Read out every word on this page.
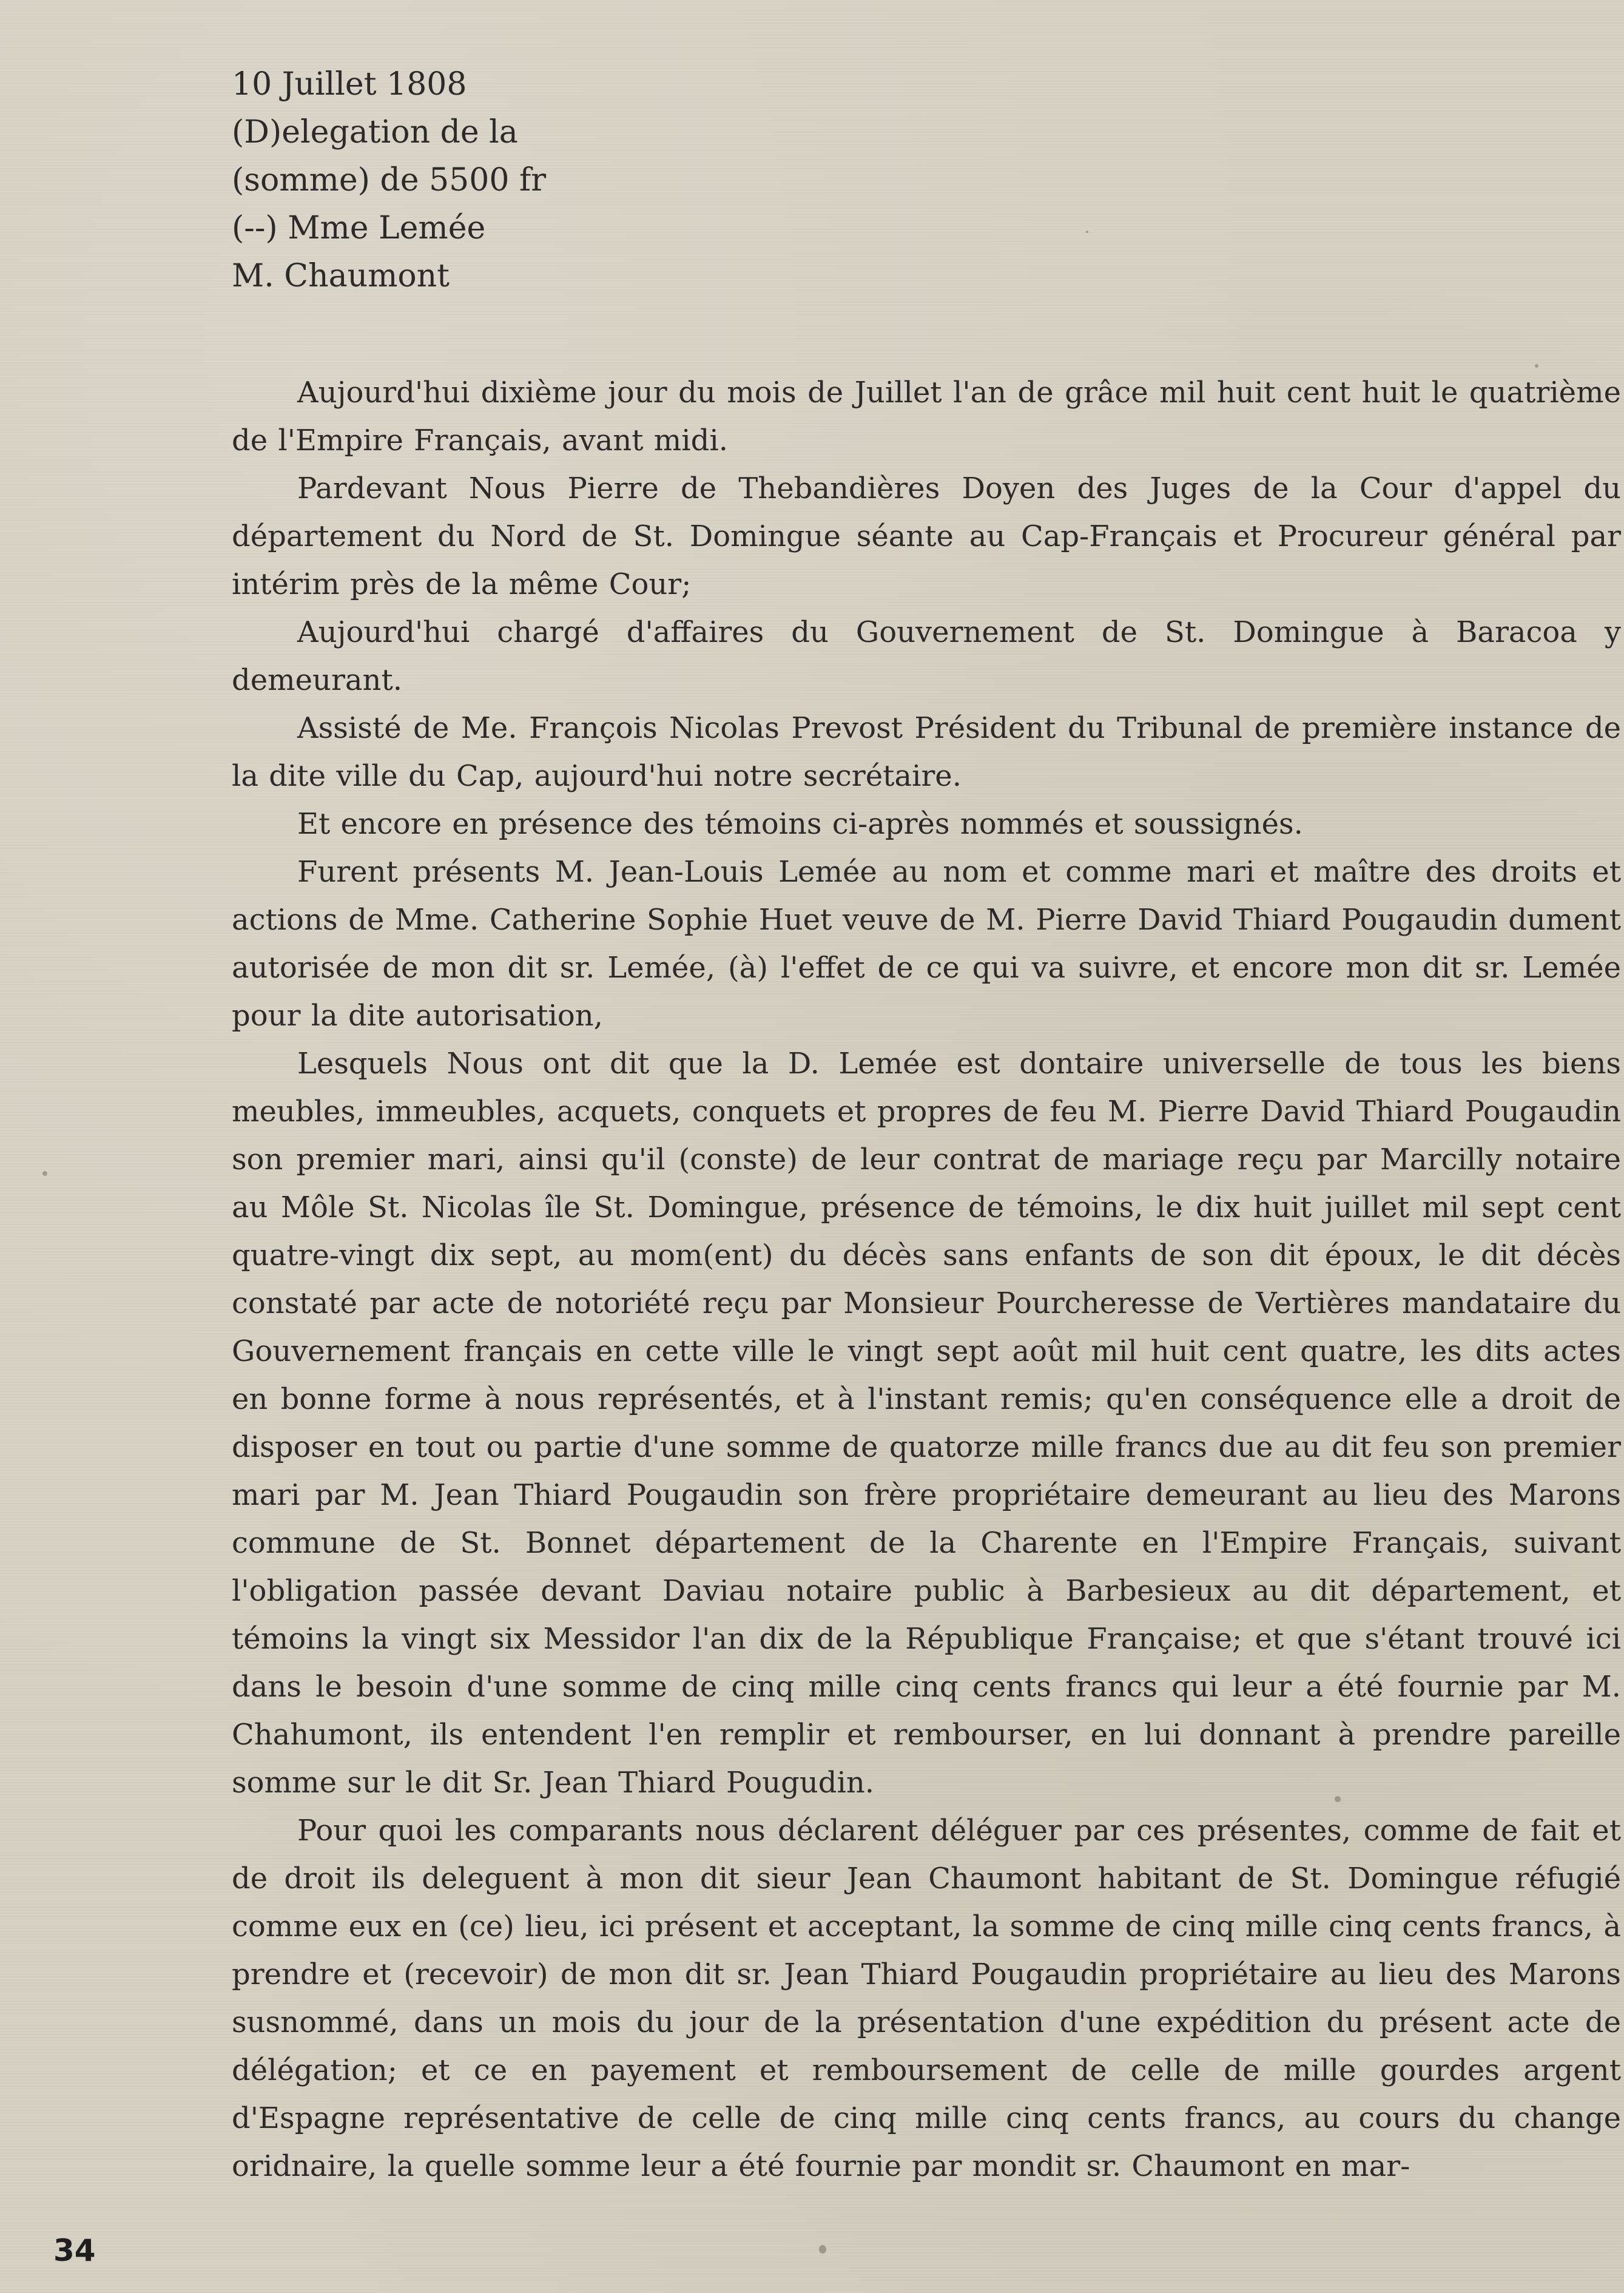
10 Juillet 1808
(D)elegation de la
(somme) de 5500 fr
(--) Mme Lemée
M. Chaumont

Aujourd'hui dixième jour du mois de Juillet l'an de grâce mil huit cent huit le quatrième de l'Empire Français, avant midi.

Pardevant Nous Pierre de Thebandières Doyen des Juges de la Cour d'appel du département du Nord de St. Domingue séante au Cap-Français et Procureur général par intérim près de la même Cour;

Aujourd'hui chargé d'affaires du Gouvernement de St. Domingue à Baracoa y demeurant.

Assisté de Me. François Nicolas Prevost Président du Tribunal de première instance de la dite ville du Cap, aujourd'hui notre secrétaire.

Et encore en présence des témoins ci-après nommés et soussignés.

Furent présents M. Jean-Louis Lemée au nom et comme mari et maître des droits et actions de Mme. Catherine Sophie Huet veuve de M. Pierre David Thiard Pougaudin dument autorisée de mon dit sr. Lemée, (à) l'effet de ce qui va suivre, et encore mon dit sr. Lemée pour la dite autorisation,

Lesquels Nous ont dit que la D. Lemée est dontaire universelle de tous les biens meubles, immeubles, acquets, conquets et propres de feu M. Pierre David Thiard Pougaudin son premier mari, ainsi qu'il (conste) de leur contrat de mariage reçu par Marcilly notaire au Môle St. Nicolas île St. Domingue, présence de témoins, le dix huit juillet mil sept cent quatre-vingt dix sept, au mom(ent) du décès sans enfants de son dit époux, le dit décès constaté par acte de notoriété reçu par Monsieur Pourcheresse de Vertières mandataire du Gouvernement français en cette ville le vingt sept août mil huit cent quatre, les dits actes en bonne forme à nous représentés, et à l'instant remis; qu'en conséquence elle a droit de disposer en tout ou partie d'une somme de quatorze mille francs due au dit feu son premier mari par M. Jean Thiard Pougaudin son frère propriétaire demeurant au lieu des Marons commune de St. Bonnet département de la Charente en l'Empire Français, suivant l'obligation passée devant Daviau notaire public à Barbesieux au dit département, et témoins la vingt six Messidor l'an dix de la République Française; et que s'étant trouvé ici dans le besoin d'une somme de cinq mille cinq cents francs qui leur a été fournie par M. Chahumont, ils entendent l'en remplir et rembourser, en lui donnant à prendre pareille somme sur le dit Sr. Jean Thiard Pougudin.

Pour quoi les comparants nous déclarent déléguer par ces présentes, comme de fait et de droit ils deleguent à mon dit sieur Jean Chaumont habitant de St. Domingue réfugié comme eux en (ce) lieu, ici présent et acceptant, la somme de cinq mille cinq cents francs, à prendre et (recevoir) de mon dit sr. Jean Thiard Pougaudin propriétaire au lieu des Marons susnommé, dans un mois du jour de la présentation d'une expédition du présent acte de délégation; et ce en payement et remboursement de celle de mille gourdes argent d'Espagne représentative de celle de cinq mille cinq cents francs, au cours du change oridnaire, la quelle somme leur a été fournie par mondit sr. Chaumont en mar-

34
